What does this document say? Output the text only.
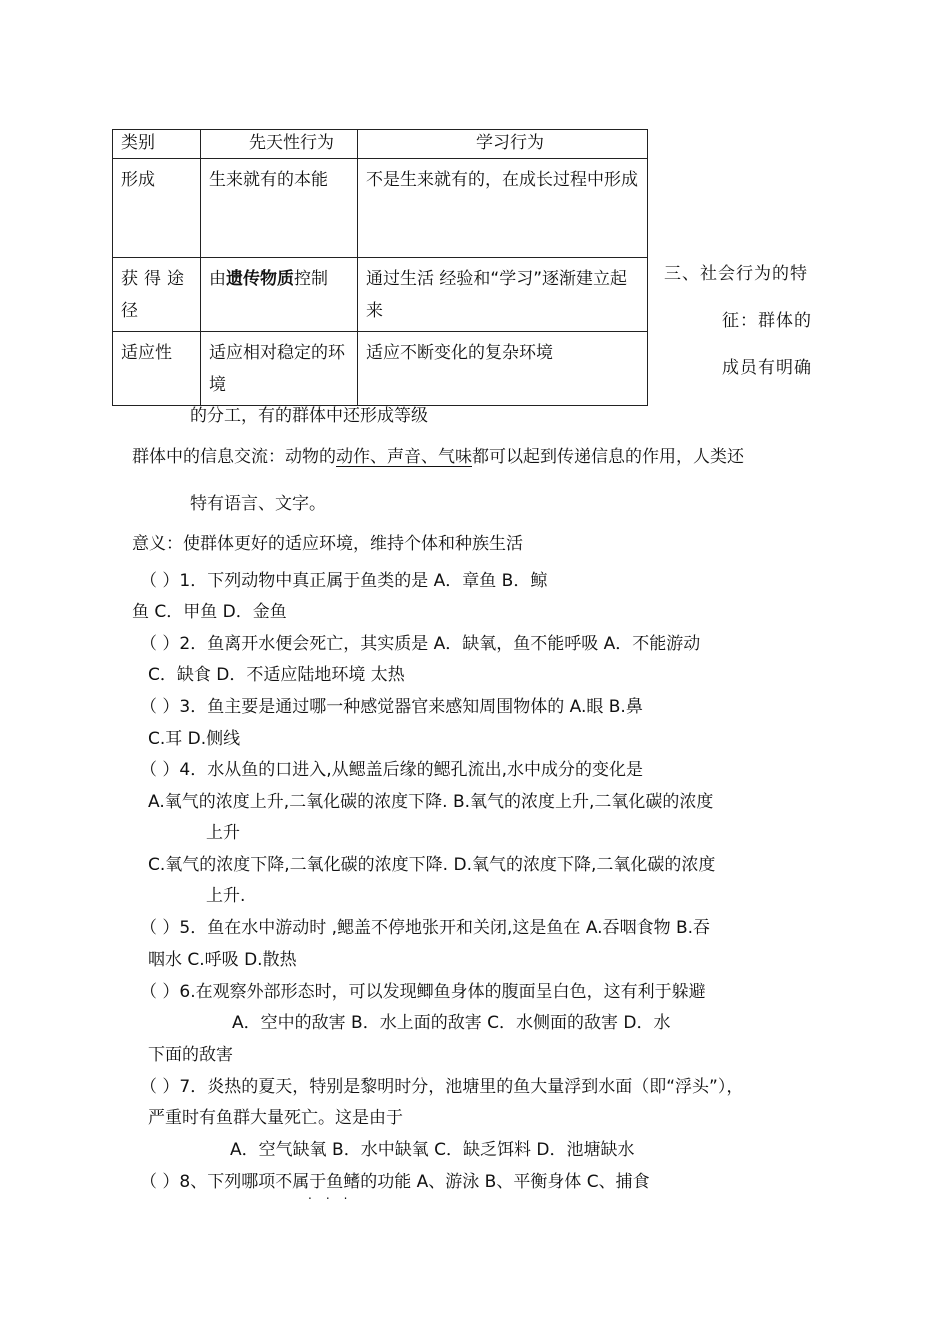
类别	先天性行为	学习行为
形成	生来就有的本能	不是生来就有的，在成长过程中形成
获得途径	由遗传物质控制	通过生活 经验和“学习”逐渐建立起来
适应性	适应相对稳定的环境	适应不断变化的复杂环境
三、社会行为的特
征：群体的
成员有明确
的分工，有的群体中还形成等级
群体中的信息交流：动物的动作、声音、气味都可以起到传递信息的作用，人类还
特有语言、文字。
意义：使群体更好的适应环境，维持个体和种族生活
（ ）1．下列动物中真正属于鱼类的是 A．章鱼 B．鲸
鱼 C．甲鱼 D．金鱼
（ ）2．鱼离开水便会死亡，其实质是 A．缺氧，鱼不能呼吸 A．不能游动
C．缺食 D．不适应陆地环境 太热
（ ）3．鱼主要是通过哪一种感觉器官来感知周围物体的 A.眼 B.鼻
C.耳 D.侧线
（ ）4．水从鱼的口进入,从鳃盖后缘的鳃孔流出,水中成分的变化是
A.氧气的浓度上升,二氧化碳的浓度下降. B.氧气的浓度上升,二氧化碳的浓度
上升
C.氧气的浓度下降,二氧化碳的浓度下降. D.氧气的浓度下降,二氧化碳的浓度
上升.
（ ）5．鱼在水中游动时 ,鳃盖不停地张开和关闭,这是鱼在 A.吞咽食物 B.吞
咽水 C.呼吸 D.散热
（ ）6.在观察外部形态时，可以发现鲫鱼身体的腹面呈白色，这有利于躲避
A．空中的敌害 B．水上面的敌害 C．水侧面的敌害 D．水
下面的敌害
（ ）7．炎热的夏天，特别是黎明时分，池塘里的鱼大量浮到水面（即“浮头”），
严重时有鱼群大量死亡。这是由于
A．空气缺氧 B．水中缺氧 C．缺乏饵料 D．池塘缺水
（ ）8、下列哪项不属于鱼鳍的功能 A、游泳 B、平衡身体 C、捕食
...
